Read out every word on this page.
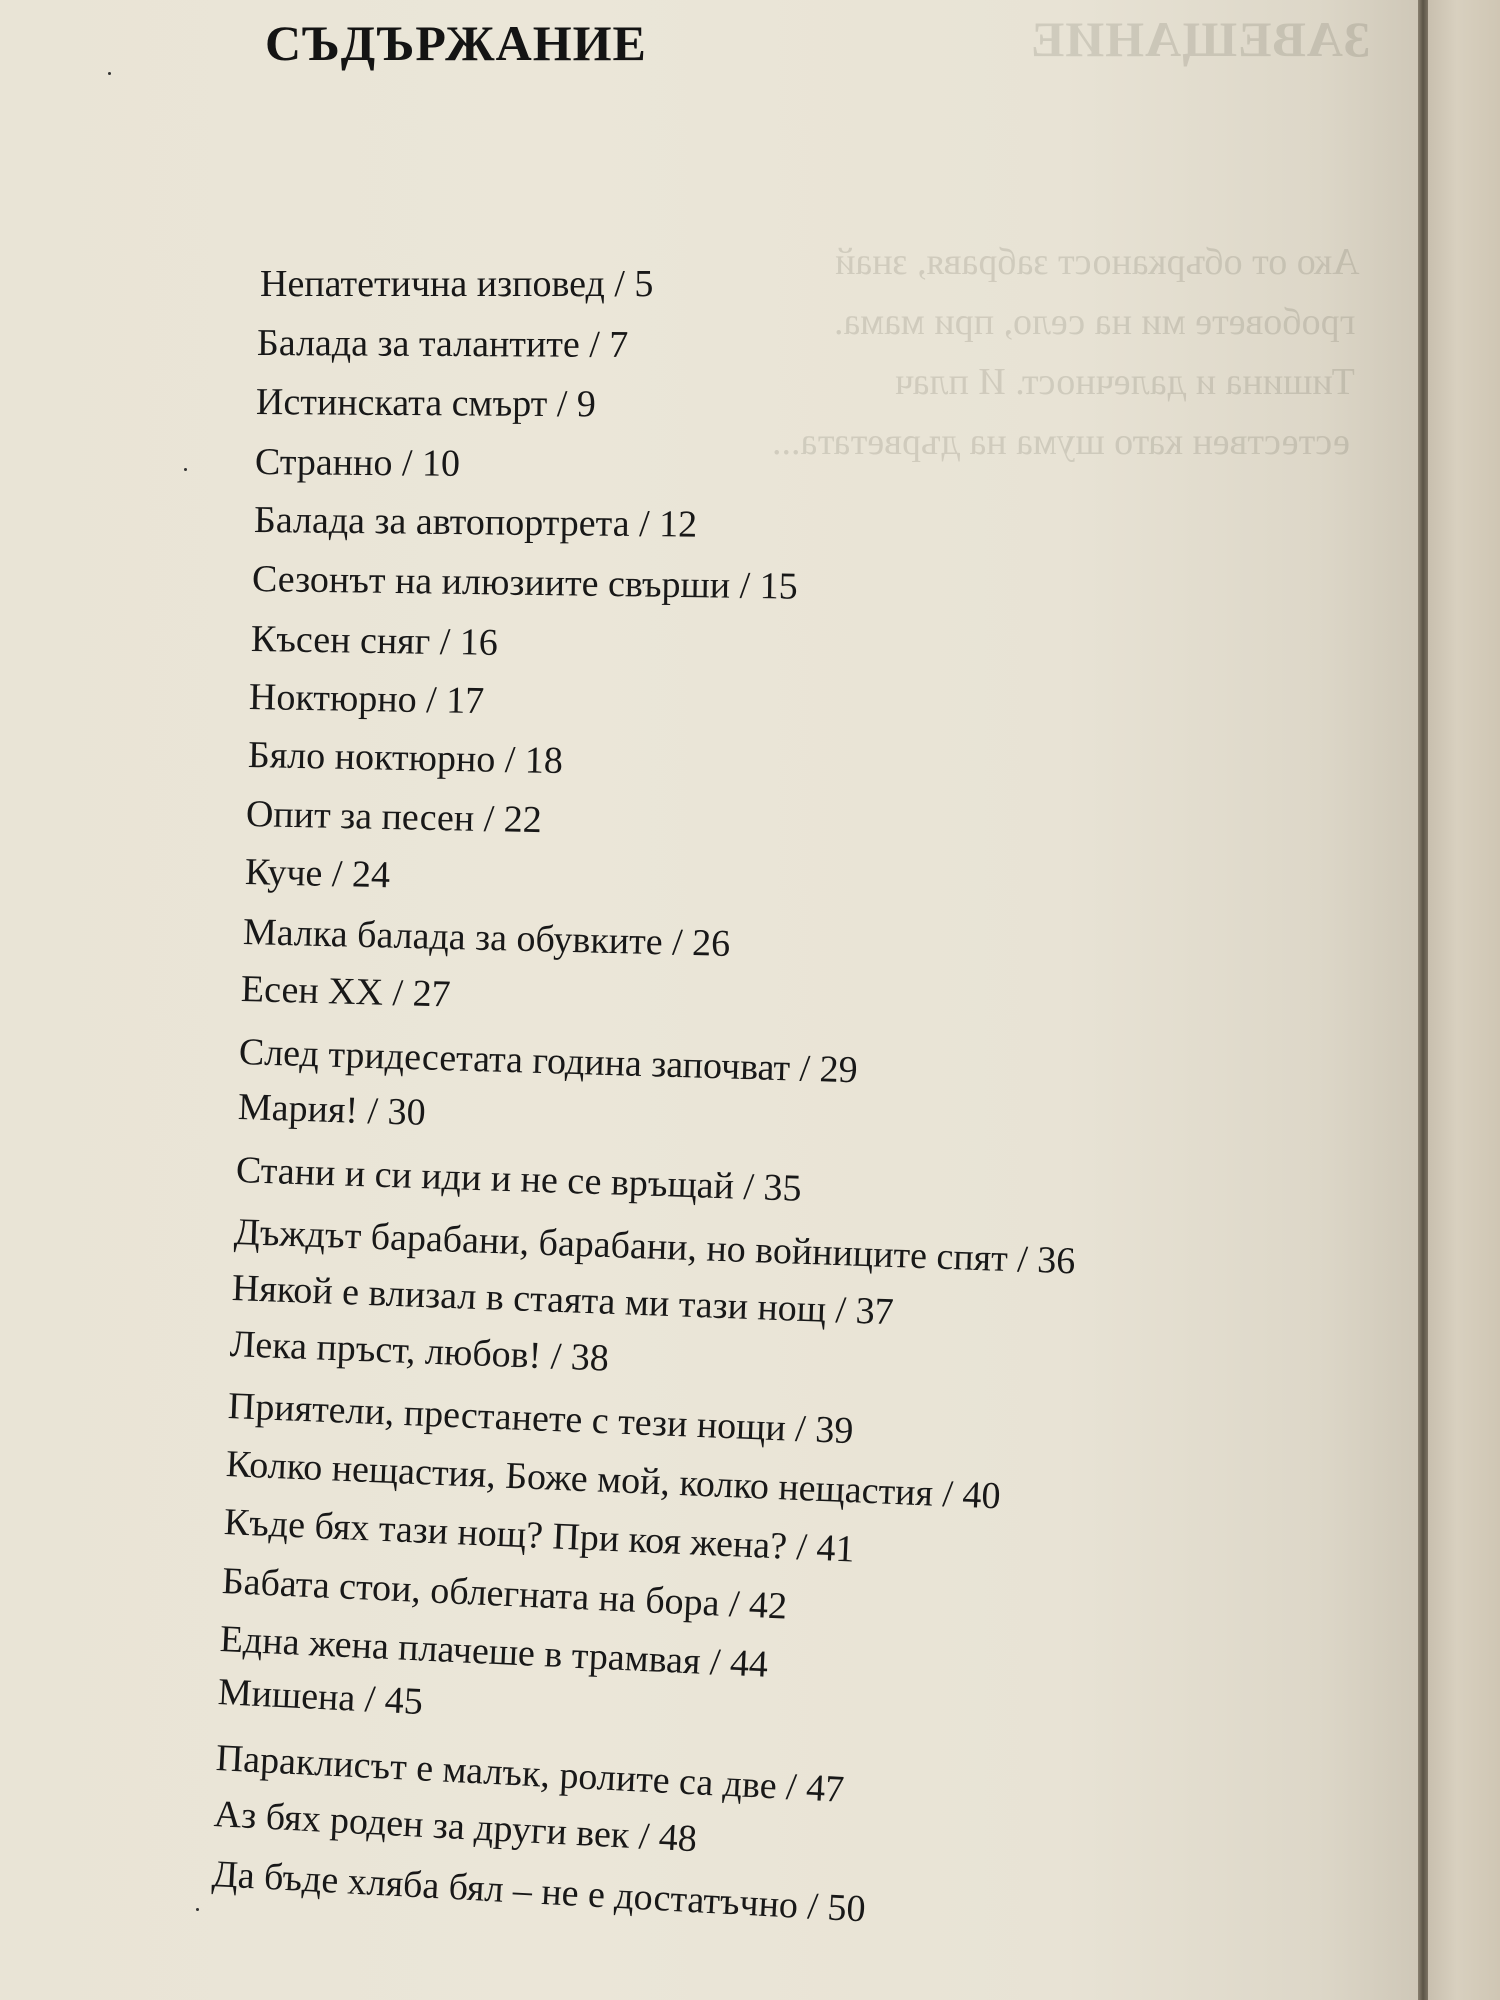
ЗАВЕЩАНИЕ
Ако от обърканост забравя, знай
гробовете ми на село, при мама.
Тишина и далечност. И плач
естествен като шума на дърветата...
СЪДЪРЖАНИЕ
Непатетична изповед / 5
Балада за талантите / 7
Истинската смърт / 9
Странно / 10
Балада за автопортрета / 12
Сезонът на илюзиите свърши / 15
Късен сняг / 16
Ноктюрно / 17
Бяло ноктюрно / 18
Опит за песен / 22
Куче / 24
Малка балада за обувките / 26
Есен XX / 27
След тридесетата година започват / 29
Мария! / 30
Стани и си иди и не се връщай / 35
Дъждът барабани, барабани, но войниците спят / 36
Някой е влизал в стаята ми тази нощ / 37
Лека пръст, любов! / 38
Приятели, престанете с тези нощи / 39
Колко нещастия, Боже мой, колко нещастия / 40
Къде бях тази нощ? При коя жена? / 41
Бабата стои, облегната на бора / 42
Една жена плачеше в трамвая / 44
Мишена / 45
Параклисът е малък, ролите са две / 47
Аз бях роден за други век / 48
Да бъде хляба бял – не е достатъчно / 50
